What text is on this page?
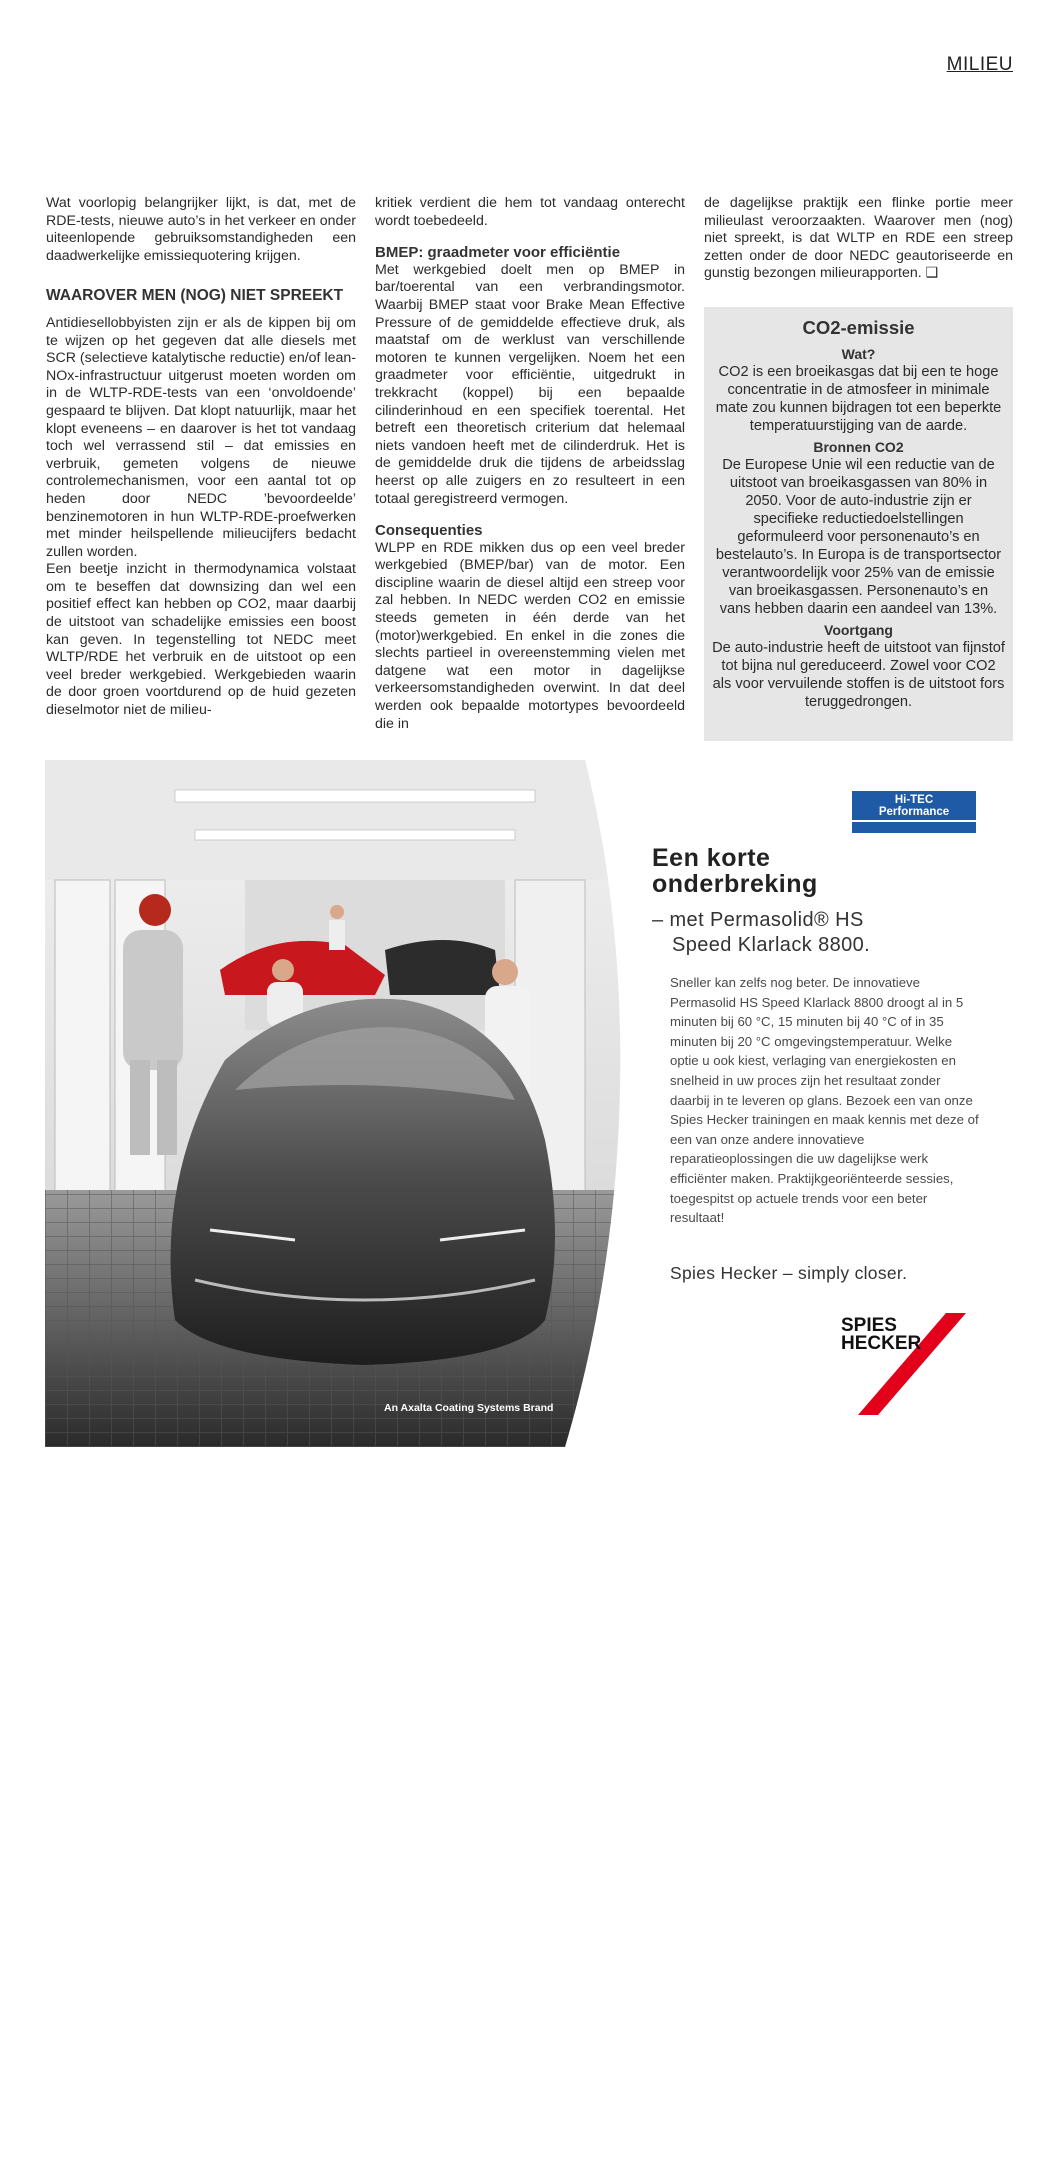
MILIEU

Wat voorlopig belangrijker lijkt, is dat, met de RDE-tests, nieuwe auto’s in het verkeer en onder uiteenlopende gebruiksomstandigheden een daadwerkelijke emissiequotering krijgen.

WAAROVER MEN (NOG) NIET SPREEKT

Antidiesellobbyisten zijn er als de kippen bij om te wijzen op het gegeven dat alle diesels met SCR (selectieve katalytische reductie) en/of lean-NOx-infrastructuur uitgerust moeten worden om in de WLTP-RDE-tests van een ‘onvoldoende’ gespaard te blijven. Dat klopt natuurlijk, maar het klopt eveneens – en daarover is het tot vandaag toch wel verrassend stil – dat emissies en verbruik, gemeten volgens de nieuwe controlemechanismen, voor een aantal tot op heden door NEDC ’bevoordeelde’ benzinemotoren in hun WLTP-RDE-proefwerken met minder heilspellende milieucijfers bedacht zullen worden.

Een beetje inzicht in thermodynamica volstaat om te beseffen dat downsizing dan wel een positief effect kan hebben op CO2, maar daarbij de uitstoot van schadelijke emissies een boost kan geven. In tegenstelling tot NEDC meet WLTP/RDE het verbruik en de uitstoot op een veel breder werkgebied. Werkgebieden waarin de door groen voortdurend op de huid gezeten dieselmotor niet de milieu-

kritiek verdient die hem tot vandaag onterecht wordt toebedeeld.

BMEP: graadmeter voor efficiëntie

Met werkgebied doelt men op BMEP in bar/toerental van een verbrandingsmotor. Waarbij BMEP staat voor Brake Mean Effective Pressure of de gemiddelde effectieve druk, als maatstaf om de werklust van verschillende motoren te kunnen vergelijken. Noem het een graadmeter voor efficiëntie, uitgedrukt in trekkracht (koppel) bij een bepaalde cilinderinhoud en een specifiek toerental. Het betreft een theoretisch criterium dat helemaal niets vandoen heeft met de cilinderdruk. Het is de gemiddelde druk die tijdens de arbeidsslag heerst op alle zuigers en zo resulteert in een totaal geregistreerd vermogen.

Consequenties

WLPP en RDE mikken dus op een veel breder werkgebied (BMEP/bar) van de motor. Een discipline waarin de diesel altijd een streep voor zal hebben. In NEDC werden CO2 en emissie steeds gemeten in één derde van het (motor)werkgebied. En enkel in die zones die slechts partieel in overeenstemming vielen met datgene wat een motor in dagelijkse verkeersomstandigheden overwint. In dat deel werden ook bepaalde motortypes bevoordeeld die in

de dagelijkse praktijk een flinke portie meer milieulast veroorzaakten. Waarover men (nog) niet spreekt, is dat WLTP en RDE een streep zetten onder de door NEDC geautoriseerde en gunstig bezongen milieurapporten. ❑

CO2-emissie
Wat?

CO2 is een broeikasgas dat bij een te hoge concentratie in de atmosfeer in minimale mate zou kunnen bijdragen tot een beperkte temperatuurstijging van de aarde.

Bronnen CO2

De Europese Unie wil een reductie van de uitstoot van broeikasgassen van 80% in 2050. Voor de auto-industrie zijn er specifieke reductiedoelstellingen geformuleerd voor personenauto’s en bestelauto’s. In Europa is de transportsector verantwoordelijk voor 25% van de emissie van broeikasgassen. Personenauto’s en vans hebben daarin een aandeel van 13%.

Voortgang

De auto-industrie heeft de uitstoot van fijnstof tot bijna nul gereduceerd. Zowel voor CO2 als voor vervuilende stoffen is de uitstoot fors teruggedrongen.

Plus Paint bvba
Woestijnstraat 17
2880 Bornem
www.pluspaint.be
An Axalta Coating Systems Brand
Hi-TEC
Performance
Een korte
onderbreking
– met Permasolid® HS
Speed Klarlack 8800.
Sneller kan zelfs nog beter. De innovatieve Permasolid HS Speed Klarlack 8800 droogt al in 5 minuten bij 60 °C, 15 minuten bij 40 °C of in 35 minuten bij 20 °C omgevingstemperatuur. Welke optie u ook kiest, verlaging van energiekosten en snelheid in uw proces zijn het resultaat zonder daarbij in te leveren op glans. Bezoek een van onze Spies Hecker trainingen en maak kennis met deze of een van onze andere innovatieve reparatieoplossingen die uw dagelijkse werk efficiënter maken. Praktijkgeoriënteerde sessies, toegespitst op actuele trends voor een beter resultaat!
Spies Hecker – simply closer.
SPIES
HECKER
